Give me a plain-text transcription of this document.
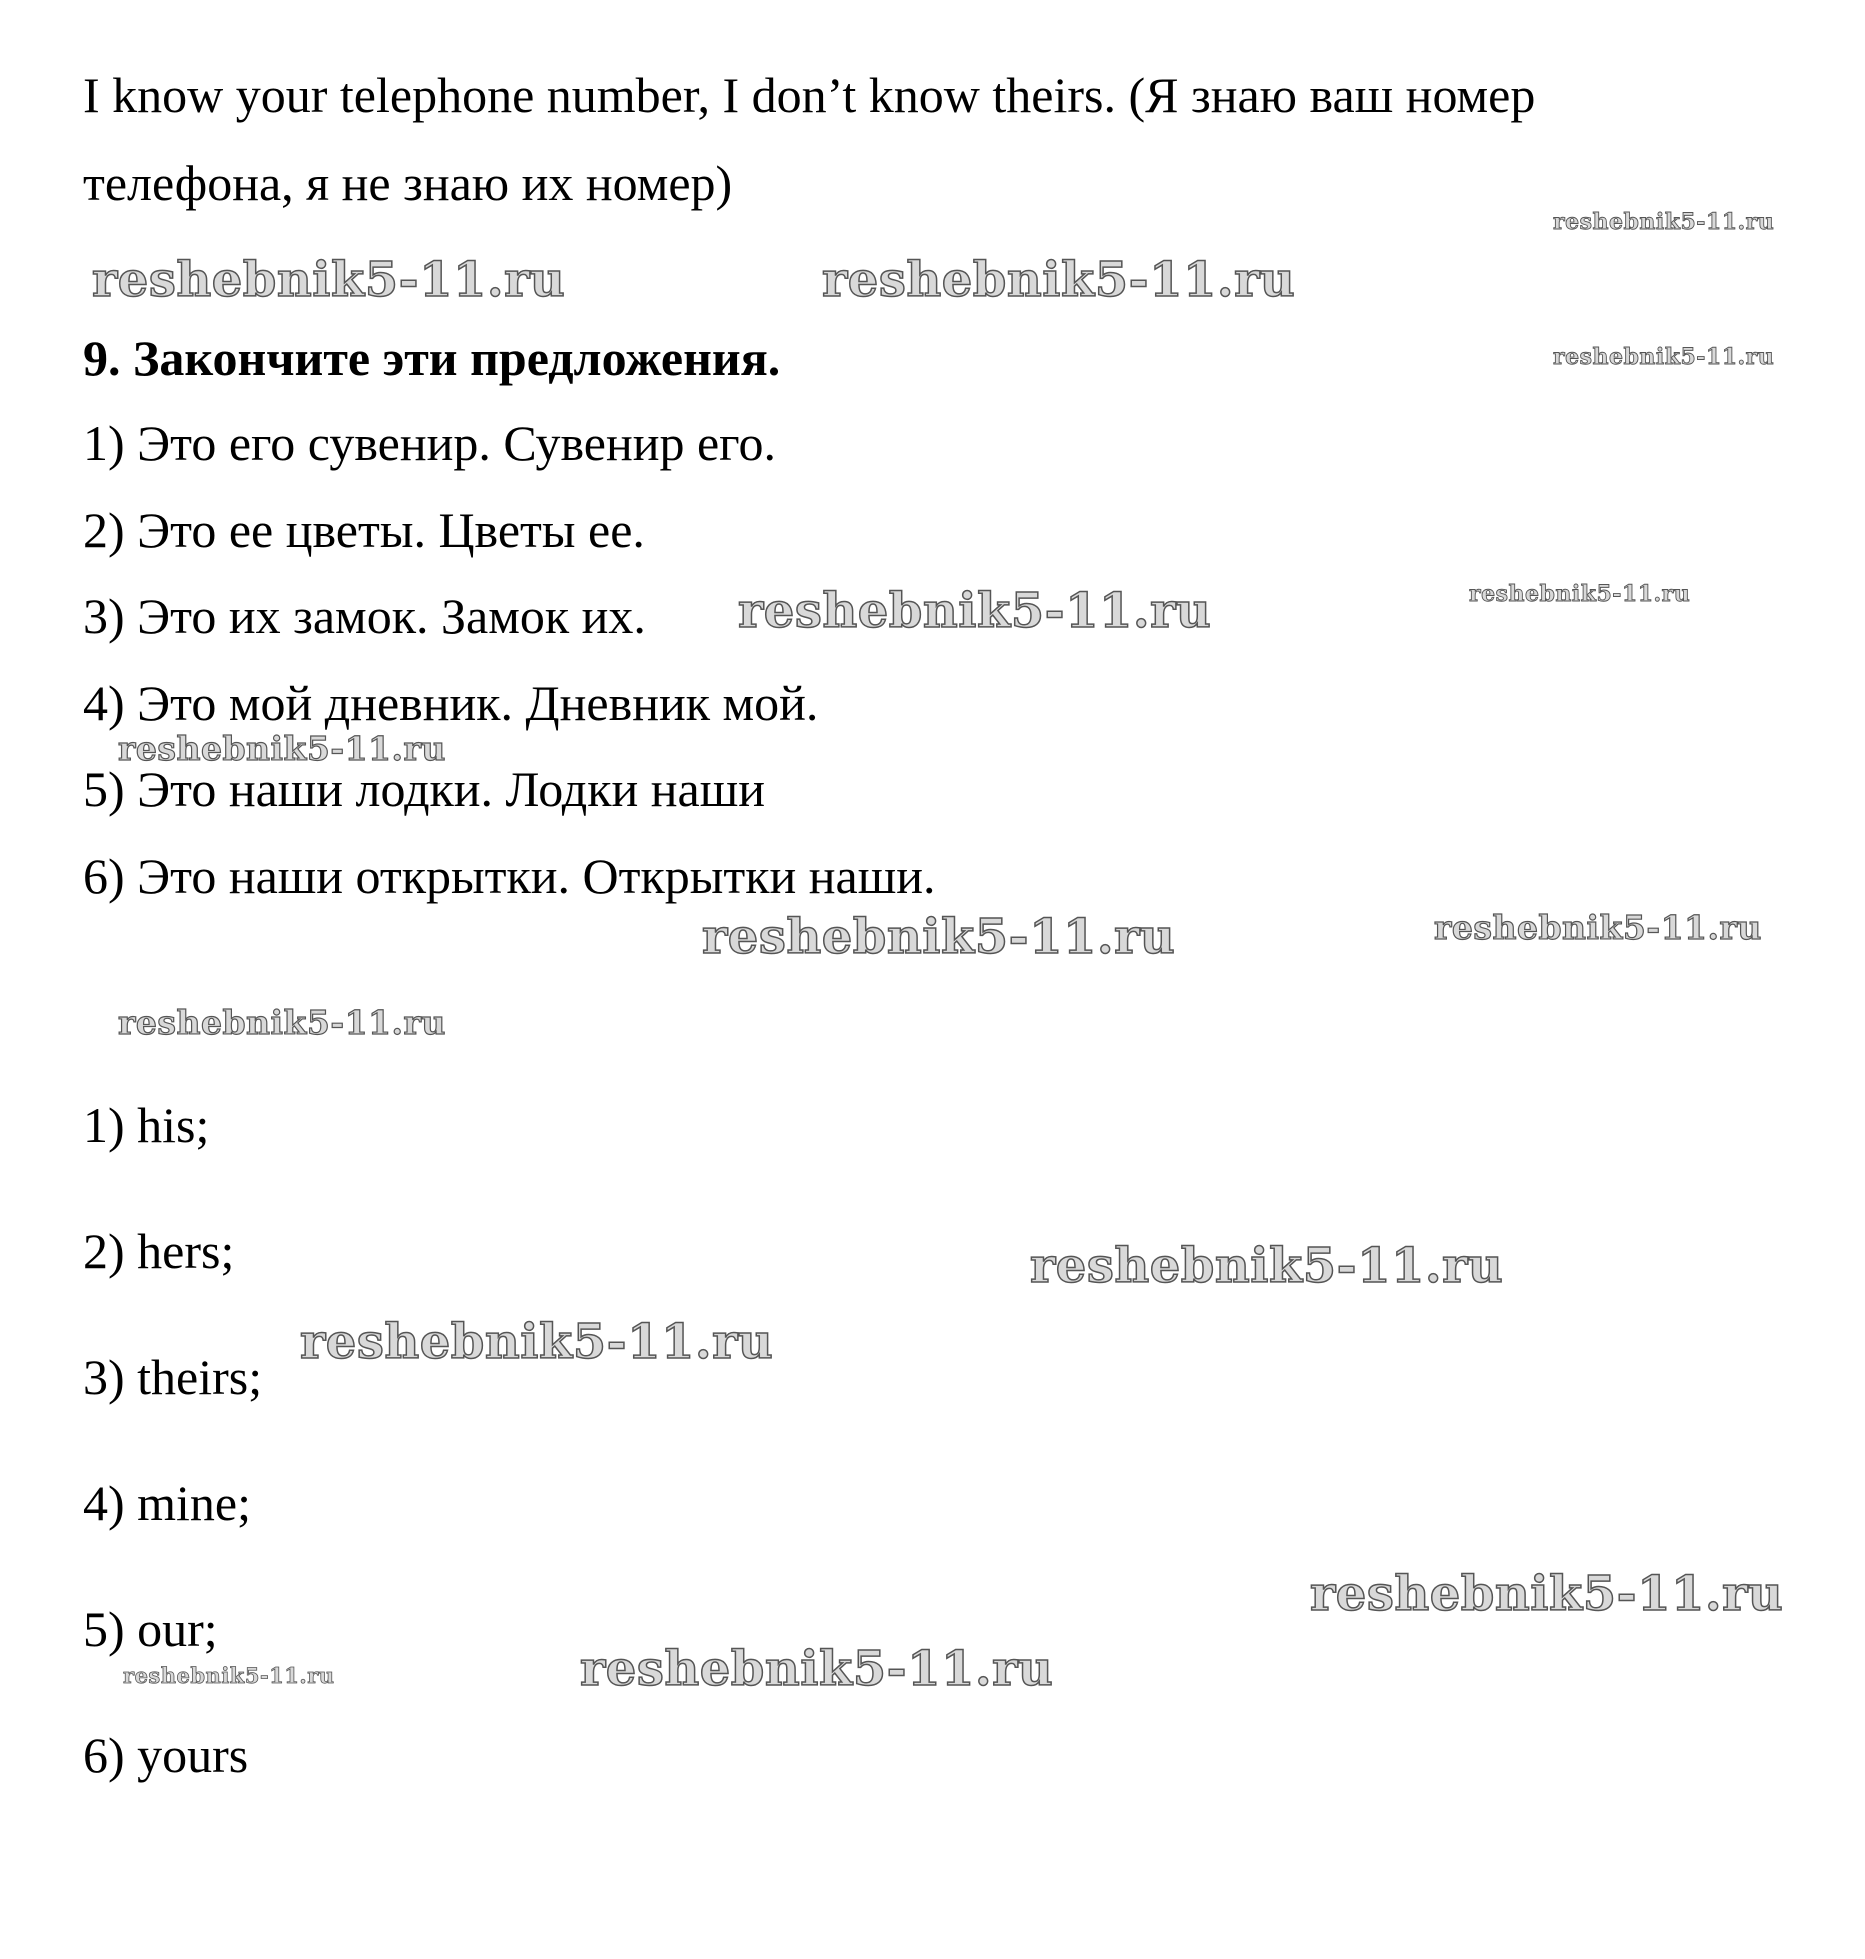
I know your telephone number, I don’t know theirs. (Я знаю ваш номер
телефона, я не знаю их номер)
9. Закончите эти предложения.
1) Это его сувенир. Сувенир его.
2) Это ее цветы. Цветы ее.
3) Это их замок. Замок их.
4) Это мой дневник. Дневник мой.
5) Это наши лодки. Лодки наши
6) Это наши открытки. Открытки наши.
1) his;
2) hers;
3) theirs;
4) mine;
5) our;
6) yours
reshebnik5-11.ru
reshebnik5-11.ru	reshebnik5-11.ru
reshebnik5-11.ru
reshebnik5-11.ru	reshebnik5-11.ru
reshebnik5-11.ru
reshebnik5-11.ru	reshebnik5-11.ru
reshebnik5-11.ru
reshebnik5-11.ru
reshebnik5-11.ru
reshebnik5-11.ru
reshebnik5-11.ru
reshebnik5-11.ru
